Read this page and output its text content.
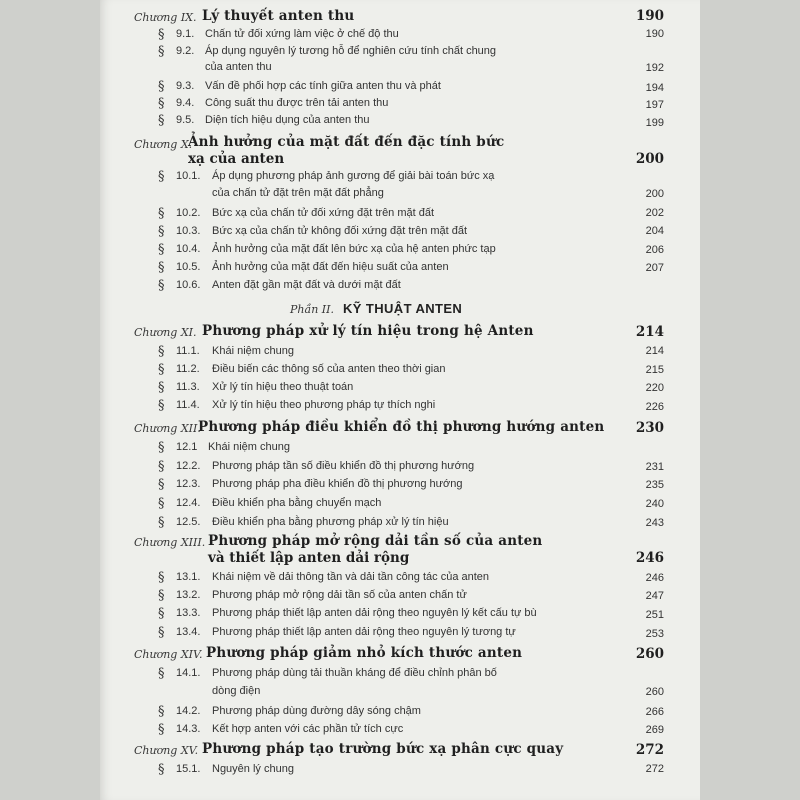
Chương IX. Lý thuyết anten thu	190
§ 9.1. Chấn tử đối xứng làm việc ở chế độ thu	190
§ 9.2. Áp dụng nguyên lý tương hỗ để nghiên cứu tính chất chung
của anten thu	192
§ 9.3. Vấn đề phối hợp các tính giữa anten thu và phát	194
§ 9.4. Công suất thu được trên tải anten thu	197
§ 9.5. Diện tích hiệu dụng của anten thu	199
Chương X.
Ảnh hưởng của mặt đất đến đặc tính bức
xạ của anten	200
§ 10.1. Áp dụng phương pháp ảnh gương để giải bài toán bức xạ
của chấn tử đặt trên mặt đất phẳng	200
§ 10.2. Bức xạ của chấn tử đối xứng đặt trên mặt đất	202
§ 10.3. Bức xạ của chấn tử không đối xứng đặt trên mặt đất	204
§ 10.4. Ảnh hưởng của mặt đất lên bức xạ của hệ anten phức tạp	206
§ 10.5. Ảnh hưởng của mặt đất đến hiệu suất của anten	207
§ 10.6. Anten đặt gần mặt đất và dưới mặt đất
Phần II. KỸ THUẬT ANTEN
Chương XI. Phương pháp xử lý tín hiệu trong hệ Anten	214
§ 11.1. Khái niệm chung	214
§ 11.2. Điều biến các thông số của anten theo thời gian	215
§ 11.3. Xử lý tín hiệu theo thuật toán	220
§ 11.4. Xử lý tín hiệu theo phương pháp tự thích nghi	226
Chương XII.
Phương pháp điều khiển đồ thị phương hướng anten 230
§ 12.1 Khái niệm chung
§ 12.2. Phương pháp tần số điều khiển đồ thị phương hướng	231
§ 12.3. Phương pháp pha điều khiển đồ thị phương hướng	235
§ 12.4. Điều khiển pha bằng chuyển mạch	240
§ 12.5. Điều khiển pha bằng phương pháp xử lý tín hiệu	243
Chương XIII. Phương pháp mở rộng dải tần số của anten
và thiết lập anten dải rộng	246
§ 13.1. Khái niệm về dải thông tần và dải tần công tác của anten	246
§ 13.2. Phương pháp mở rộng dải tần số của anten chấn tử	247
§ 13.3. Phương pháp thiết lập anten dải rộng theo nguyên lý kết cấu tự bù	251
§ 13.4. Phương pháp thiết lập anten dải rộng theo nguyên lý tương tự	253
Chương XIV. Phương pháp giảm nhỏ kích thước anten	260
§ 14.1. Phương pháp dùng tải thuần kháng để điều chỉnh phân bố
dòng điện	260
§ 14.2. Phương pháp dùng đường dây sóng chậm	266
§ 14.3. Kết hợp anten với các phần tử tích cực	269
Chương XV. Phương pháp tạo trường bức xạ phân cực quay	272
§ 15.1. Nguyên lý chung	272
